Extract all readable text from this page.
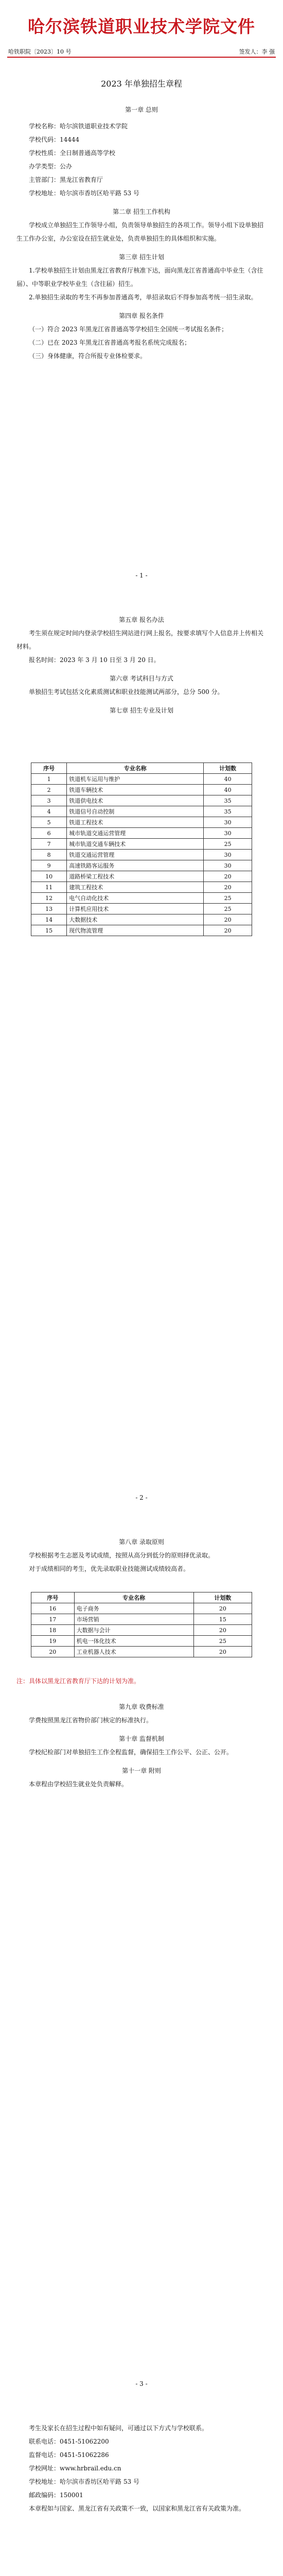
哈尔滨铁道职业技术学院文件
哈铁职院〔2023〕10 号	签发人：李 强
2023 年单独招生章程
第一章 总则
学校名称：哈尔滨铁道职业技术学院
学校代码：14444
学校性质：全日制普通高等学校
办学类型：公办
主管部门：黑龙江省教育厅
学校地址：哈尔滨市香坊区哈平路 53 号
第二章 招生工作机构
学校成立单独招生工作领导小组，负责领导单独招生的各项工作。领导小组下设单独招生工作办公室，办公室设在招生就业处，负责单独招生的具体组织和实施。
第三章 招生计划
1.学校单独招生计划由黑龙江省教育厅核准下达，面向黑龙江省普通高中毕业生（含往届）、中等职业学校毕业生（含往届）招生。
2.单独招生录取的考生不再参加普通高考，单招录取后不得参加高考统一招生录取。
第四章 报名条件
（一）符合 2023 年黑龙江省普通高等学校招生全国统一考试报名条件；
（二）已在 2023 年黑龙江省普通高考报名系统完成报名；
（三）身体健康，符合所报专业体检要求。
- 1 -
第五章 报名办法
考生须在规定时间内登录学校招生网站进行网上报名，按要求填写个人信息并上传相关材料。
报名时间：2023 年 3 月 10 日至 3 月 20 日。
第六章 考试科目与方式
单独招生考试包括文化素质测试和职业技能测试两部分，总分 500 分。
第七章 招生专业及计划
序号	专业名称	计划数
1	铁道机车运用与维护	40
2	铁道车辆技术	40
3	铁道供电技术	35
4	铁道信号自动控制	35
5	铁道工程技术	30
6	城市轨道交通运营管理	30
7	城市轨道交通车辆技术	25
8	铁道交通运营管理	30
9	高速铁路客运服务	30
10	道路桥梁工程技术	20
11	建筑工程技术	20
12	电气自动化技术	25
13	计算机应用技术	25
14	大数据技术	20
15	现代物流管理	20
- 2 -
第八章 录取原则
学校根据考生志愿及考试成绩，按照从高分到低分的原则择优录取。
对于成绩相同的考生，优先录取职业技能测试成绩较高者。
序号	专业名称	计划数
16	电子商务	20
17	市场营销	15
18	大数据与会计	20
19	机电一体化技术	25
20	工业机器人技术	20
注：具体以黑龙江省教育厅下达的计划为准。
第九章 收费标准
学费按照黑龙江省物价部门核定的标准执行。
第十章 监督机制
学校纪检部门对单独招生工作全程监督，确保招生工作公平、公正、公开。
第十一章 附则
本章程由学校招生就业处负责解释。
- 3 -
考生及家长在招生过程中如有疑问，可通过以下方式与学校联系。
联系电话：0451-51062200
监督电话：0451-51062286
学校网址：www.hrbrail.edu.cn
学校地址：哈尔滨市香坊区哈平路 53 号
邮政编码：150001
本章程如与国家、黑龙江省有关政策不一致，以国家和黑龙江省有关政策为准。
